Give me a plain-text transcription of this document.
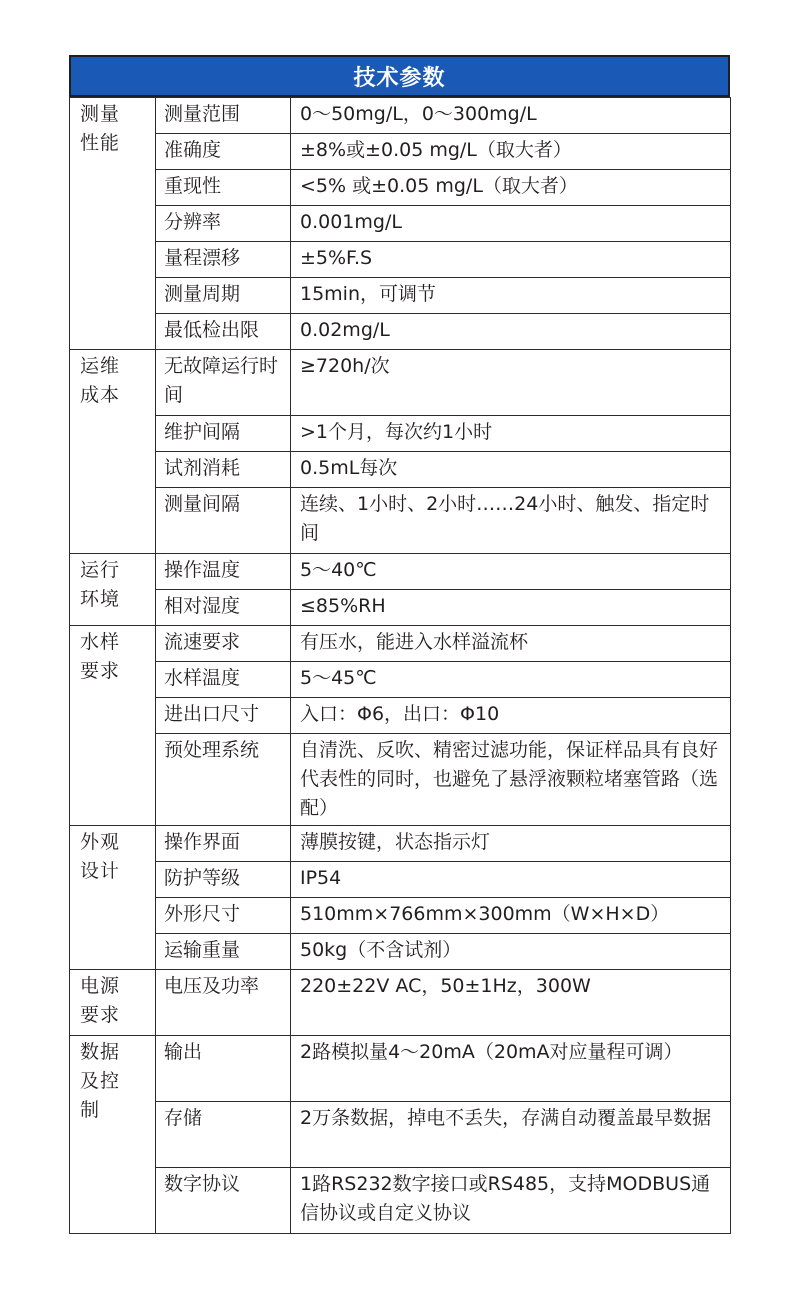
技术参数
测量
性能	测量范围	0～50mg/L，0～300mg/L
	准确度	±8%或±0.05 mg/L（取大者）
	重现性	<5% 或±0.05 mg/L（取大者）
	分辨率	0.001mg/L
	量程漂移	±5%F.S
	测量周期	15min，可调节
	最低检出限	0.02mg/L

运维
成本	无故障运行时间	≥720h/次
	维护间隔	>1个月，每次约1小时
	试剂消耗	0.5mL每次
	测量间隔	连续、1小时、2小时……24小时、触发、指定时间

运行
环境	操作温度	5～40℃
	相对湿度	≤85%RH

水样
要求	流速要求	有压水，能进入水样溢流杯
	水样温度	5～45℃
	进出口尺寸	入口：Φ6，出口：Φ10
	预处理系统	自清洗、反吹、精密过滤功能，保证样品具有良好代表性的同时，也避免了悬浮液颗粒堵塞管路（选配）

外观
设计	操作界面	薄膜按键，状态指示灯
	防护等级	IP54
	外形尺寸	510mm×766mm×300mm（W×H×D）
	运输重量	50kg（不含试剂）

电源
要求	电压及功率	220±22V AC，50±1Hz，300W

数据
及控
制	输出	2路模拟量4～20mA（20mA对应量程可调）
	存储	2万条数据，掉电不丢失，存满自动覆盖最早数据
	数字协议	1路RS232数字接口或RS485，支持MODBUS通信协议或自定义协议
